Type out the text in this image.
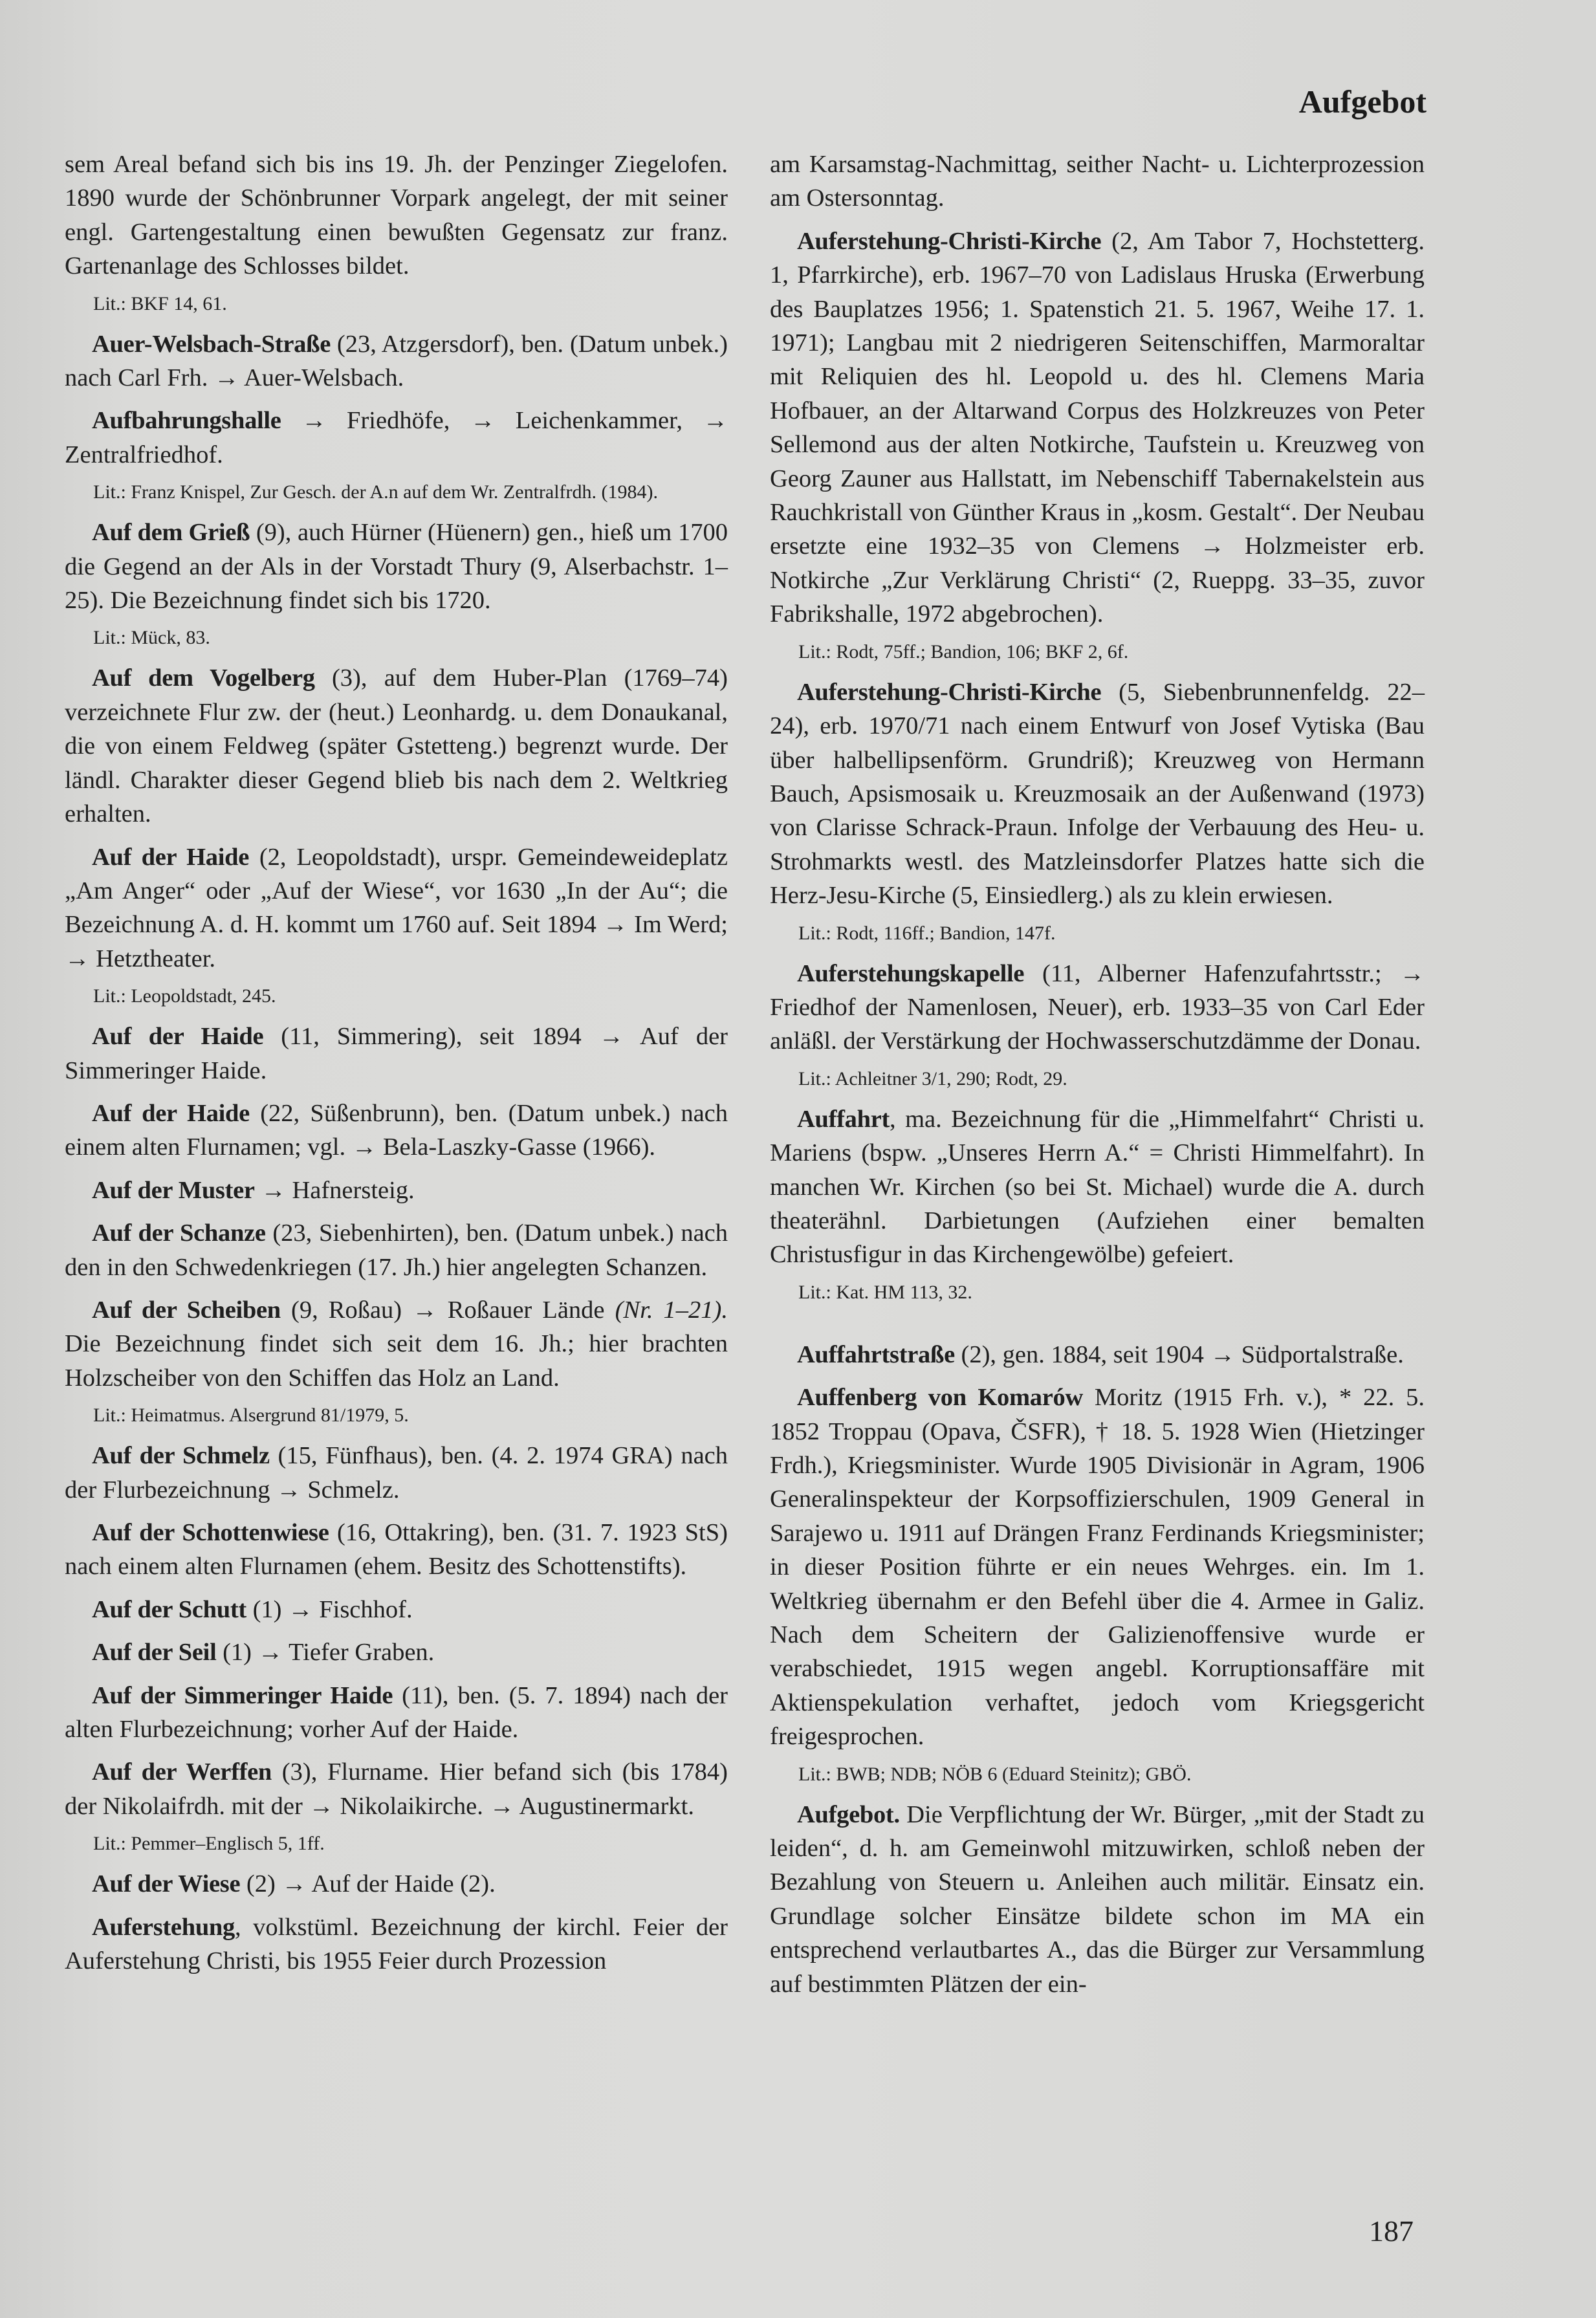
Aufgebot

sem Areal befand sich bis ins 19. Jh. der Penzinger Ziegelofen. 1890 wurde der Schönbrunner Vorpark angelegt, der mit seiner engl. Gartengestaltung einen bewußten Gegensatz zur franz. Gartenanlage des Schlosses bildet.

Lit.: BKF 14, 61.

Auer-Welsbach-Straße (23, Atzgersdorf), ben. (Datum unbek.) nach Carl Frh. → Auer-Welsbach.

Aufbahrungshalle → Friedhöfe, → Leichenkammer, → Zentralfriedhof.

Lit.: Franz Knispel, Zur Gesch. der A.n auf dem Wr. Zentralfrdh. (1984).

Auf dem Grieß (9), auch Hürner (Hüenern) gen., hieß um 1700 die Gegend an der Als in der Vorstadt Thury (9, Alserbachstr. 1–25). Die Bezeichnung findet sich bis 1720.

Lit.: Mück, 83.

Auf dem Vogelberg (3), auf dem Huber-Plan (1769–74) verzeichnete Flur zw. der (heut.) Leonhardg. u. dem Donaukanal, die von einem Feldweg (später Gstetteng.) begrenzt wurde. Der ländl. Charakter dieser Gegend blieb bis nach dem 2. Weltkrieg erhalten.

Auf der Haide (2, Leopoldstadt), urspr. Gemeindeweideplatz „Am Anger“ oder „Auf der Wiese“, vor 1630 „In der Au“; die Bezeichnung A. d. H. kommt um 1760 auf. Seit 1894 → Im Werd; → Hetztheater.

Lit.: Leopoldstadt, 245.

Auf der Haide (11, Simmering), seit 1894 → Auf der Simmeringer Haide.

Auf der Haide (22, Süßenbrunn), ben. (Datum unbek.) nach einem alten Flurnamen; vgl. → Bela-Laszky-Gasse (1966).

Auf der Muster → Hafnersteig.

Auf der Schanze (23, Siebenhirten), ben. (Datum unbek.) nach den in den Schwedenkriegen (17. Jh.) hier angelegten Schanzen.

Auf der Scheiben (9, Roßau) → Roßauer Lände (Nr. 1–21). Die Bezeichnung findet sich seit dem 16. Jh.; hier brachten Holzscheiber von den Schiffen das Holz an Land.

Lit.: Heimatmus. Alsergrund 81/1979, 5.

Auf der Schmelz (15, Fünfhaus), ben. (4. 2. 1974 GRA) nach der Flurbezeichnung → Schmelz.

Auf der Schottenwiese (16, Ottakring), ben. (31. 7. 1923 StS) nach einem alten Flurnamen (ehem. Besitz des Schottenstifts).

Auf der Schutt (1) → Fischhof.

Auf der Seil (1) → Tiefer Graben.

Auf der Simmeringer Haide (11), ben. (5. 7. 1894) nach der alten Flurbezeichnung; vorher Auf der Haide.

Auf der Werffen (3), Flurname. Hier befand sich (bis 1784) der Nikolaifrdh. mit der → Nikolaikirche. → Augustinermarkt.

Lit.: Pemmer–Englisch 5, 1ff.

Auf der Wiese (2) → Auf der Haide (2).

Auferstehung, volkstüml. Bezeichnung der kirchl. Feier der Auferstehung Christi, bis 1955 Feier durch Prozession

am Karsamstag-Nachmittag, seither Nacht- u. Lichterprozession am Ostersonntag.

Auferstehung-Christi-Kirche (2, Am Tabor 7, Hochstetterg. 1, Pfarrkirche), erb. 1967–70 von Ladislaus Hruska (Erwerbung des Bauplatzes 1956; 1. Spatenstich 21. 5. 1967, Weihe 17. 1. 1971); Langbau mit 2 niedrigeren Seitenschiffen, Marmoraltar mit Reliquien des hl. Leopold u. des hl. Clemens Maria Hofbauer, an der Altarwand Corpus des Holzkreuzes von Peter Sellemond aus der alten Notkirche, Taufstein u. Kreuzweg von Georg Zauner aus Hallstatt, im Nebenschiff Tabernakelstein aus Rauchkristall von Günther Kraus in „kosm. Gestalt“. Der Neubau ersetzte eine 1932–35 von Clemens → Holzmeister erb. Notkirche „Zur Verklärung Christi“ (2, Rueppg. 33–35, zuvor Fabrikshalle, 1972 abgebrochen).

Lit.: Rodt, 75ff.; Bandion, 106; BKF 2, 6f.

Auferstehung-Christi-Kirche (5, Siebenbrunnenfeldg. 22–24), erb. 1970/71 nach einem Entwurf von Josef Vytiska (Bau über halbellipsenförm. Grundriß); Kreuzweg von Hermann Bauch, Apsismosaik u. Kreuzmosaik an der Außenwand (1973) von Clarisse Schrack-Praun. Infolge der Verbauung des Heu- u. Strohmarkts westl. des Matzleinsdorfer Platzes hatte sich die Herz-Jesu-Kirche (5, Einsiedlerg.) als zu klein erwiesen.

Lit.: Rodt, 116ff.; Bandion, 147f.

Auferstehungskapelle (11, Alberner Hafenzufahrtsstr.; → Friedhof der Namenlosen, Neuer), erb. 1933–35 von Carl Eder anläßl. der Verstärkung der Hochwasserschutzdämme der Donau.

Lit.: Achleitner 3/1, 290; Rodt, 29.

Auffahrt, ma. Bezeichnung für die „Himmelfahrt“ Christi u. Mariens (bspw. „Unseres Herrn A.“ = Christi Himmelfahrt). In manchen Wr. Kirchen (so bei St. Michael) wurde die A. durch theaterähnl. Darbietungen (Aufziehen einer bemalten Christusfigur in das Kirchengewölbe) gefeiert.

Lit.: Kat. HM 113, 32.

Auffahrtstraße (2), gen. 1884, seit 1904 → Südportalstraße.

Auffenberg von Komarów Moritz (1915 Frh. v.), * 22. 5. 1852 Troppau (Opava, ČSFR), † 18. 5. 1928 Wien (Hietzinger Frdh.), Kriegsminister. Wurde 1905 Divisionär in Agram, 1906 Generalinspekteur der Korpsoffizierschulen, 1909 General in Sarajewo u. 1911 auf Drängen Franz Ferdinands Kriegsminister; in dieser Position führte er ein neues Wehrges. ein. Im 1. Weltkrieg übernahm er den Befehl über die 4. Armee in Galiz. Nach dem Scheitern der Galizienoffensive wurde er verabschiedet, 1915 wegen angebl. Korruptionsaffäre mit Aktienspekulation verhaftet, jedoch vom Kriegsgericht freigesprochen.

Lit.: BWB; NDB; NÖB 6 (Eduard Steinitz); GBÖ.

Aufgebot. Die Verpflichtung der Wr. Bürger, „mit der Stadt zu leiden“, d. h. am Gemeinwohl mitzuwirken, schloß neben der Bezahlung von Steuern u. Anleihen auch militär. Einsatz ein. Grundlage solcher Einsätze bildete schon im MA ein entsprechend verlautbartes A., das die Bürger zur Versammlung auf bestimmten Plätzen der ein-

187
